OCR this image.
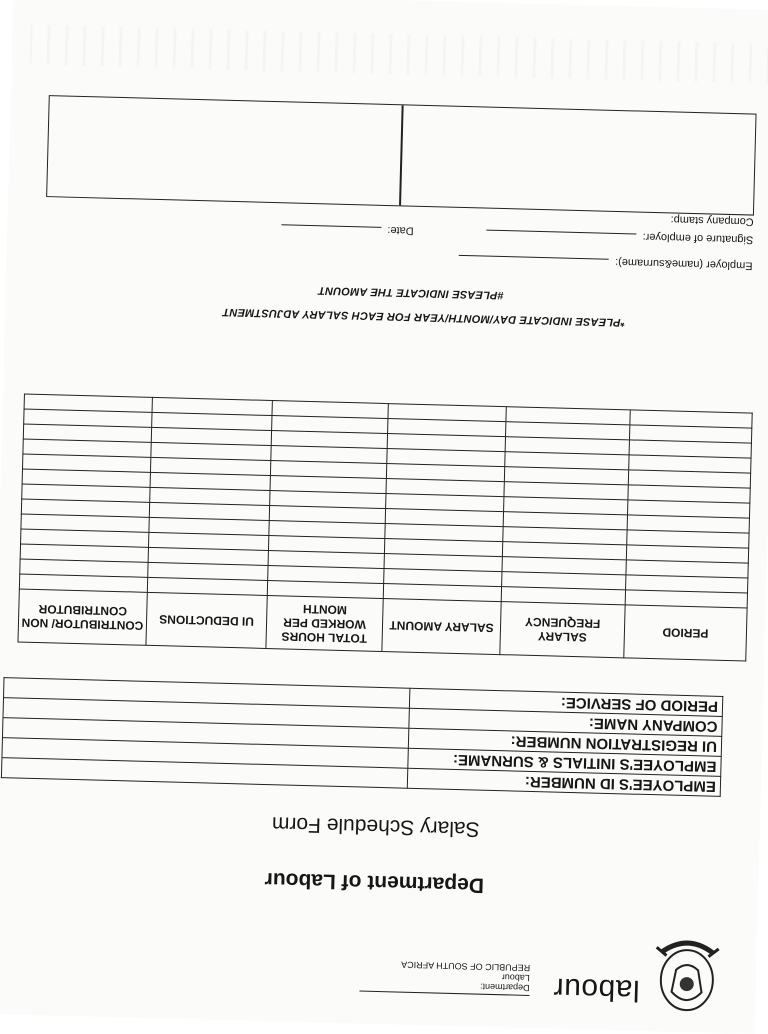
labour
Department:
Labour
REPUBLIC OF SOUTH AFRICA
Department of Labour
Salary Schedule Form
EMPLOYEE'S ID NUMBER:	
EMPLOYEE'S INITIALS & SURNAME:	
UI REGISTRATION NUMBER:	
COMPANY NAME:	
PERIOD OF SERVICE:	
PERIOD	SALARY FREQUENCY	SALARY AMOUNT	TOTAL HOURS WORKED PER MONTH	UI DEDUCTIONS	CONTRIBUTOR/ NON CONTRIBUTOR

*PLEASE INDICATE DAY/MONTH/YEAR FOR EACH SALARY ADJUSTMENT
#PLEASE INDICATE THE AMOUNT
Employer (name&surname):
Signature of employer: Date:
Company stamp:
